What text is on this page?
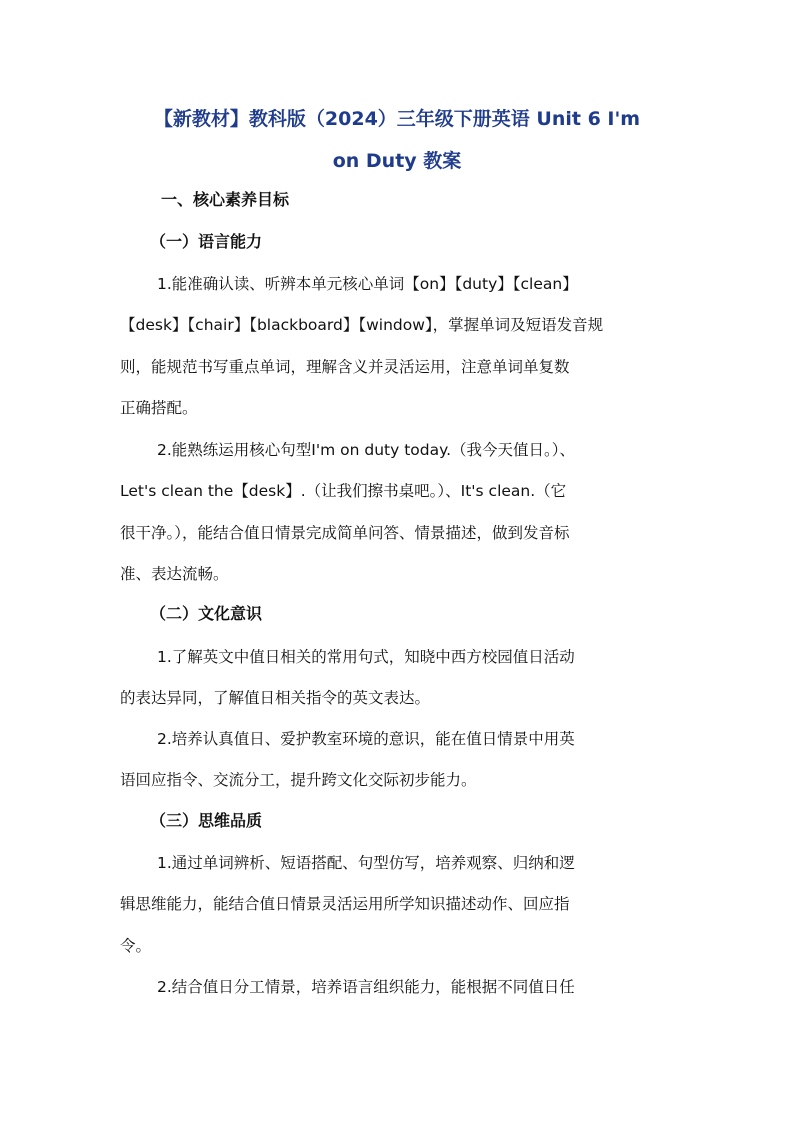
【新教材】教科版（2024）三年级下册英语 Unit 6 I'm
on Duty 教案
一、核心素养目标
（一）语言能力

1.能准确认读、听辨本单元核心单词【on】【duty】【clean】
【desk】【chair】【blackboard】【window】，掌握单词及短语发音规
则，能规范书写重点单词，理解含义并灵活运用，注意单词单复数
正确搭配。

2.能熟练运用核心句型I'm on duty today.（我今天值日。）、
Let's clean the【desk】.（让我们擦书桌吧。）、It's clean.（它
很干净。），能结合值日情景完成简单问答、情景描述，做到发音标
准、表达流畅。

（二）文化意识

1.了解英文中值日相关的常用句式，知晓中西方校园值日活动
的表达异同，了解值日相关指令的英文表达。

2.培养认真值日、爱护教室环境的意识，能在值日情景中用英
语回应指令、交流分工，提升跨文化交际初步能力。

（三）思维品质

1.通过单词辨析、短语搭配、句型仿写，培养观察、归纳和逻
辑思维能力，能结合值日情景灵活运用所学知识描述动作、回应指
令。

2.结合值日分工情景，培养语言组织能力，能根据不同值日任
